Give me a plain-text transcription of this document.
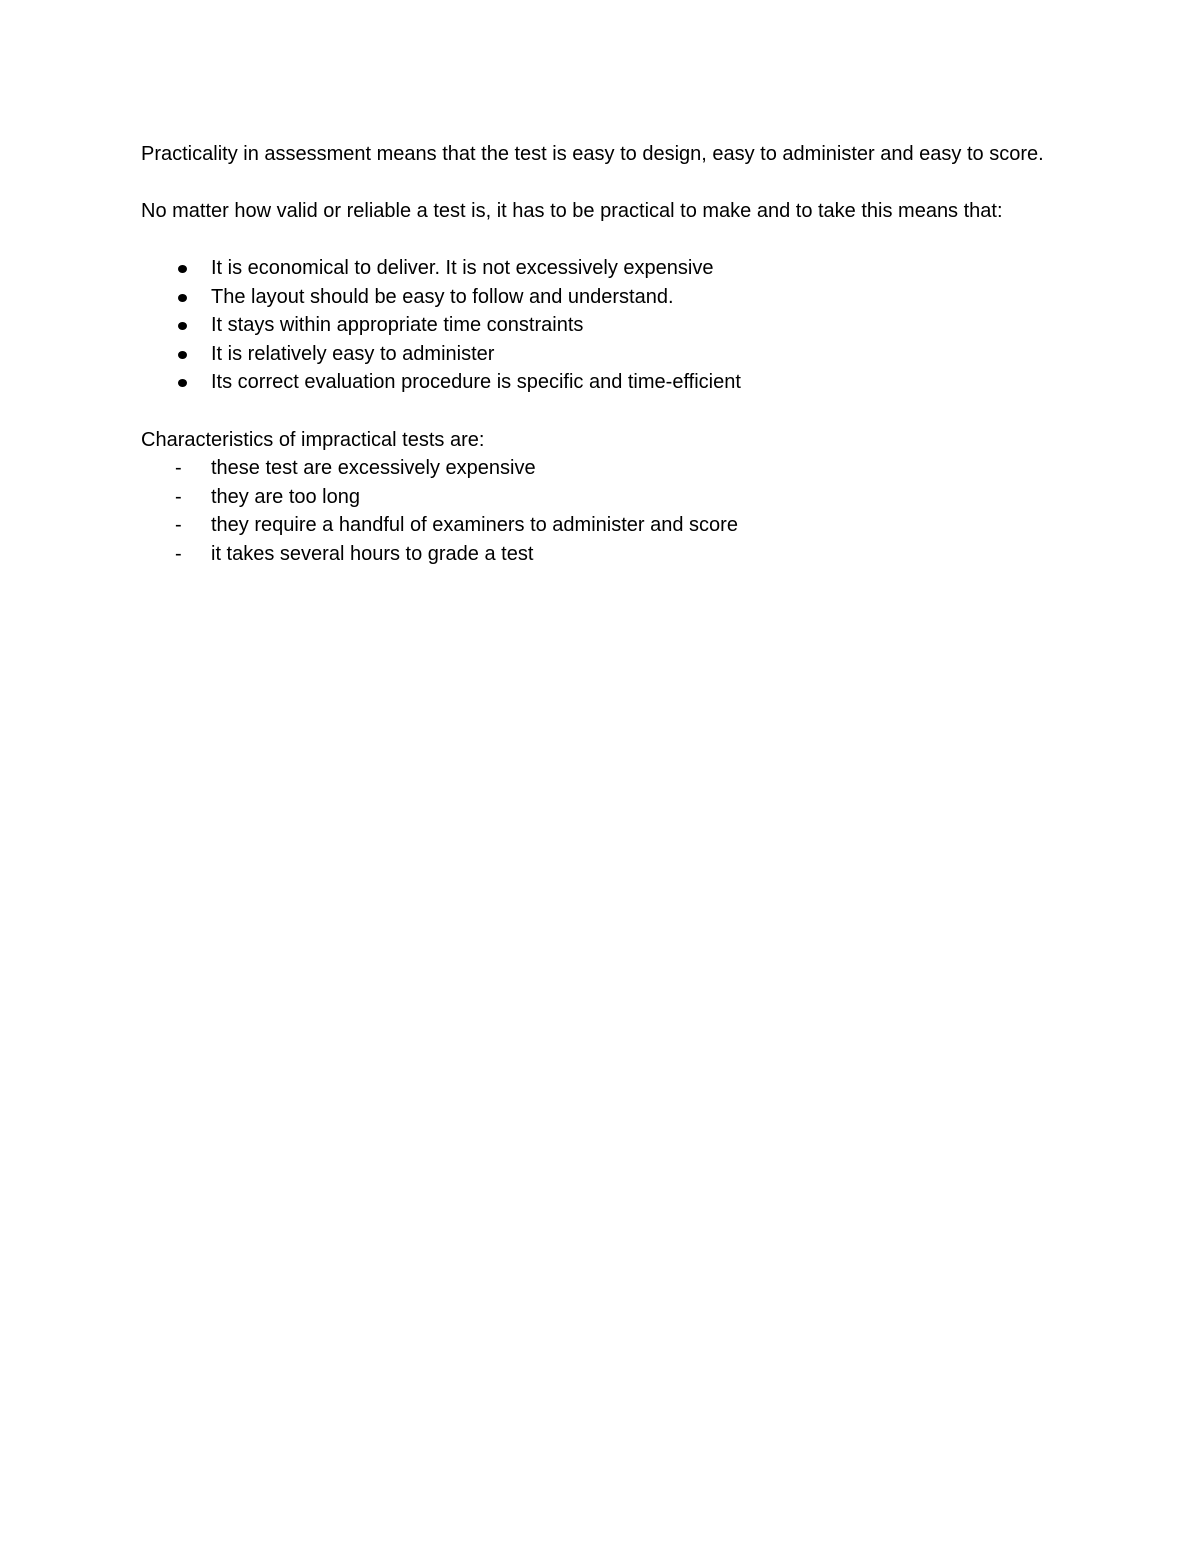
Practicality in assessment means that the test is easy to design, easy to administer and easy to score.

No matter how valid or reliable a test is, it has to be practical to make and to take this means that:

It is economical to deliver. It is not excessively expensive
The layout should be easy to follow and understand.
It stays within appropriate time constraints
It is relatively easy to administer
Its correct evaluation procedure is specific and time-efficient

Characteristics of impractical tests are:

- these test are excessively expensive
- they are too long
- they require a handful of examiners to administer and score
- it takes several hours to grade a test
